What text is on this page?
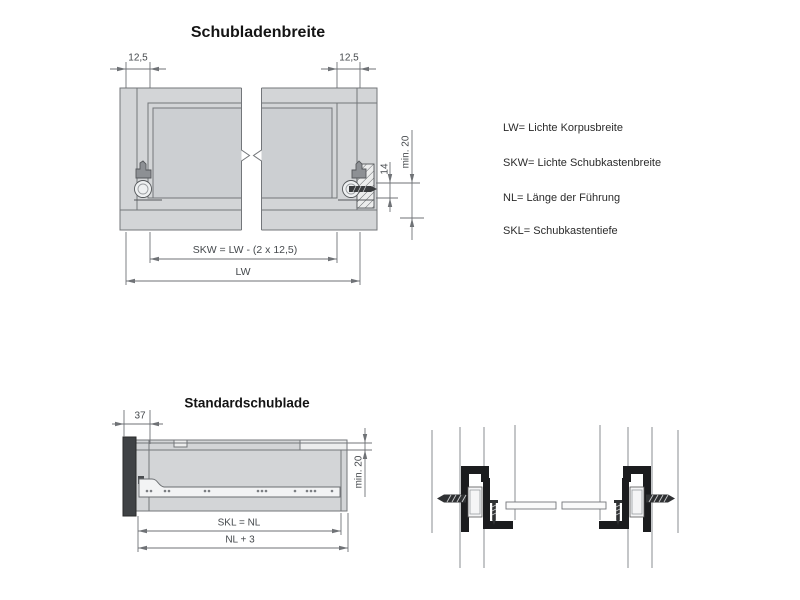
Schubladenbreite
12,5	12,5
14
min. 20
SKW = LW - (2 x 12,5)
LW
LW= Lichte Korpusbreite
SKW= Lichte Schubkastenbreite
NL= Länge der Führung
SKL= Schubkastentiefe
Standardschublade
37
min. 20
SKL = NL
NL + 3
